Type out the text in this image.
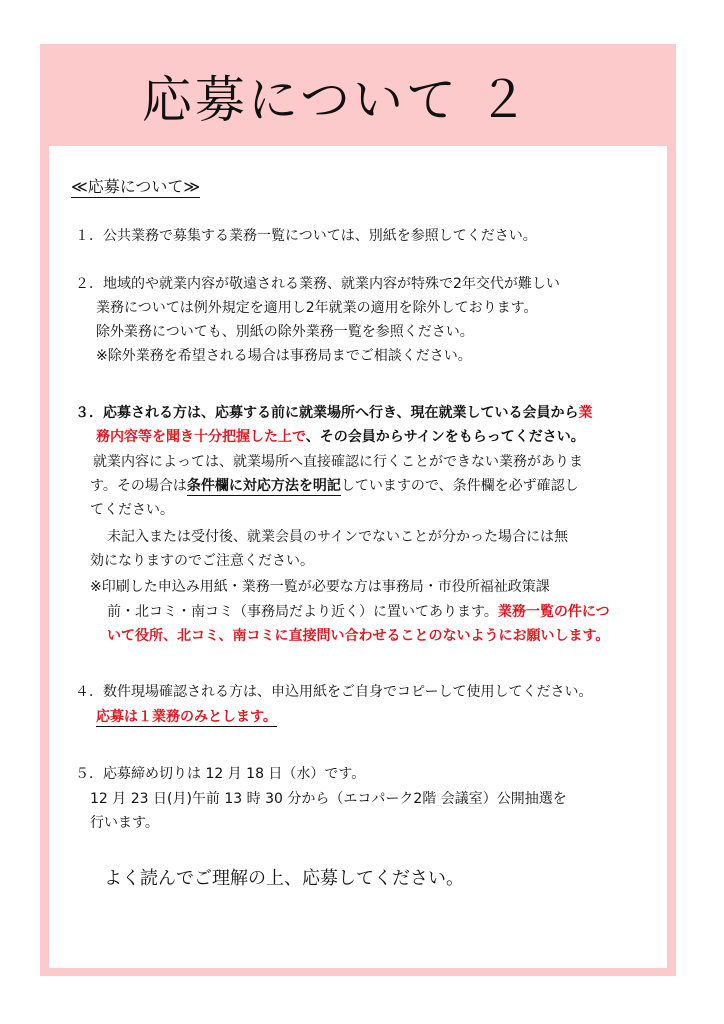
応募について ２
≪応募について≫
１．公共業務で募集する業務一覧については、別紙を参照してください。
２．地域的や就業内容が敬遠される業務、就業内容が特殊で2年交代が難しい
業務については例外規定を適用し2年就業の適用を除外しております。
除外業務についても、別紙の除外業務一覧を参照ください。
※除外業務を希望される場合は事務局までご相談ください。
３．応募される方は、応募する前に就業場所へ行き、現在就業している会員から業
務内容等を聞き十分把握した上で、その会員からサインをもらってください。
就業内容によっては、就業場所へ直接確認に行くことができない業務がありま
す。その場合は条件欄に対応方法を明記していますので、条件欄を必ず確認し
てください。
未記入または受付後、就業会員のサインでないことが分かった場合には無
効になりますのでご注意ください。
※印刷した申込み用紙・業務一覧が必要な方は事務局・市役所福祉政策課
前・北コミ・南コミ（事務局だより近く）に置いてあります。業務一覧の件につ
いて役所、北コミ、南コミに直接問い合わせることのないようにお願いします。
４．数件現場確認される方は、申込用紙をご自身でコピーして使用してください。
応募は１業務のみとします。
５．応募締め切りは 12 月 18 日（水）です。
12 月 23 日(月)午前 13 時 30 分から（エコパーク2階 会議室）公開抽選を
行います。
よく読んでご理解の上、応募してください。
